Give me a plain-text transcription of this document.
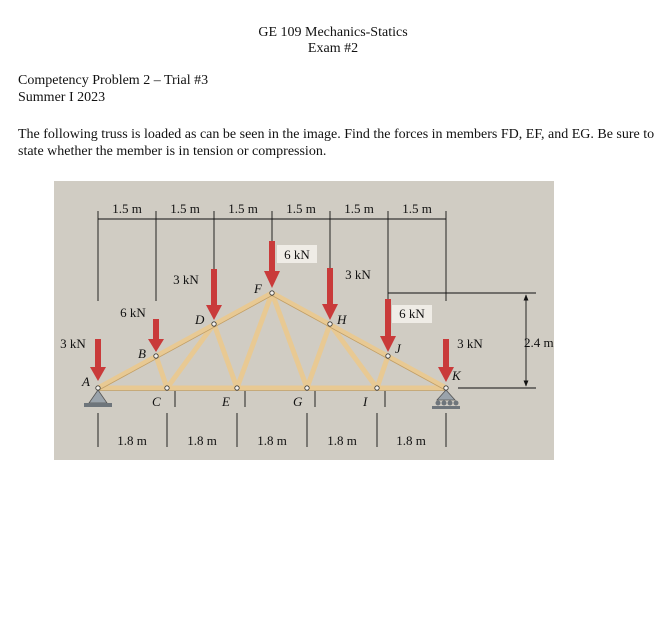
GE 109 Mechanics-Statics
Exam #2
Competency Problem 2 – Trial #3
Summer I 2023
The following truss is loaded as can be seen in the image. Find the forces in members FD, EF, and EG. Be sure to state whether the member is in tension or compression.
1.5 m 1.5 m 1.5 m 1.5 m 1.5 m 1.5 m
3 kN
6 kN
3 kN
6 kN
3 kN
6 kN
3 kN
A
B
C
D
E
F
G
H
I
J
K
2.4 m
1.8 m	1.8 m	1.8 m	1.8 m	1.8 m
